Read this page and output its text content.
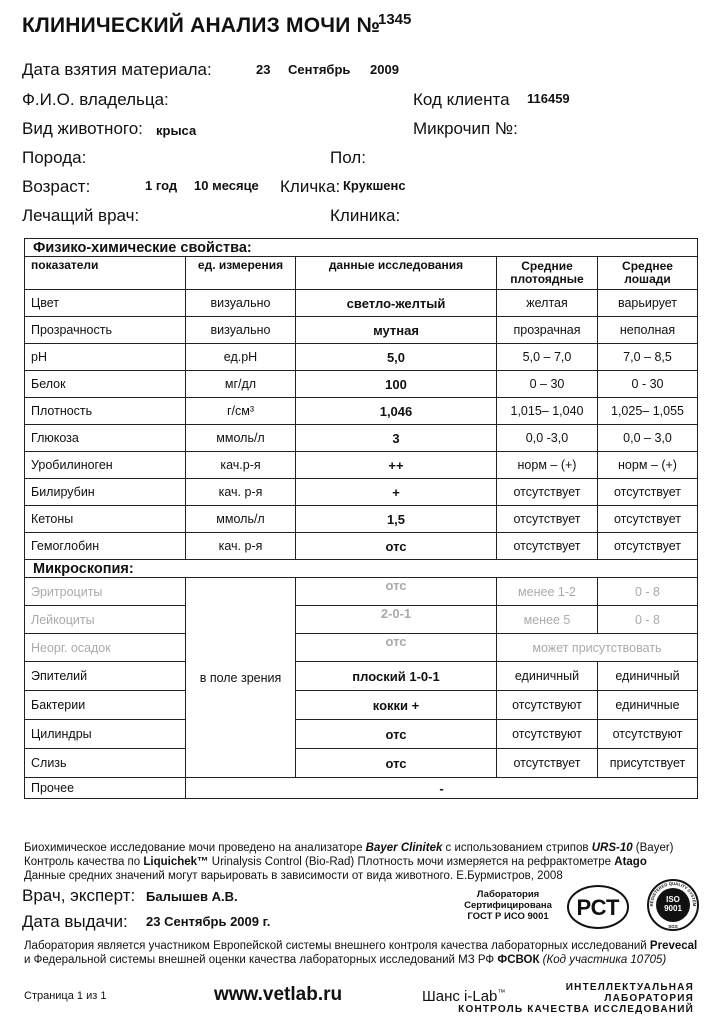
КЛИНИЧЕСКИЙ АНАЛИЗ МОЧИ №
1345
Дата взятия материала:	23 Сентябрь 2009
Ф.И.О. владельца:	Код клиента 116459
Вид животного: крыса	Микрочип №:
Порода:	Пол:
Возраст:	1 год 10 месяце Кличка: Крукшенс
Лечащий врач:	Клиника:
Физико-химические свойства:				
показатели	ед. измерения	данные исследования	Средние плотоядные	Среднее лошади
Цвет	визуально	светло-желтый	желтая	варьирует
Прозрачность	визуально	мутная	прозрачная	неполная
pH	ед.рН	5,0	5,0 – 7,0	7,0 – 8,5
Белок	мг/дл	100	0 – 30	0 - 30
Плотность	г/см³	1,046	1,015– 1,040	1,025– 1,055
Глюкоза	ммоль/л	3	0,0 -3,0	0,0 – 3,0
Уробилиноген	кач.р-я	++	норм – (+)	норм – (+)
Билирубин	кач. р-я	+	отсутствует	отсутствует
Кетоны	ммоль/л	1,5	отсутствует	отсутствует
Гемоглобин	кач. р-я	отс	отсутствует	отсутствует
Микроскопия:				
Эритроциты	в поле зрения	отс	менее 1-2	0 - 8
Лейкоциты		2-0-1	менее 5	0 - 8
Неорг. осадок		отс	может присутствовать	
Эпителий		плоский 1-0-1	единичный	единичный
Бактерии		кокки +	отсутствуют	единичные
Цилиндры		отс	отсутствуют	отсутствуют
Слизь		отс	отсутствует	присутствует
Прочее	-			
Биохимическое исследование мочи проведено на анализаторе Bayer Clinitek с использованием стрипов URS-10 (Bayer)
Контроль качества по Liquichek™ Urinalysis Control (Bio-Rad) Плотность мочи измеряется на рефрактометре Atago
Данные средних значений могут варьировать в зависимости от вида животного. Е.Бурмистров, 2008
Врач, эксперт: Балышев А.В.
Дата выдачи: 23 Сентябрь 2009 г.
Лаборатория
Сертифицирована
ГОСТ Р ИСО 9001	РСТ	REGISTERED QUALITY SYSTEM
ISO
9001
SGS
Лаборатория является участником Европейской системы внешнего контроля качества лабораторных исследований Prevecal
и Федеральной системы внешней оценки качества лабораторных исследований МЗ РФ ФСВОК (Код участника 10705)
Страница 1 из 1	www.vetlab.ru	Шанс i-Lab™	ИНТЕЛЛЕКТУАЛЬНАЯ
ЛАБОРАТОРИЯ
КОНТРОЛЬ КАЧЕСТВА ИССЛЕДОВАНИЙ
